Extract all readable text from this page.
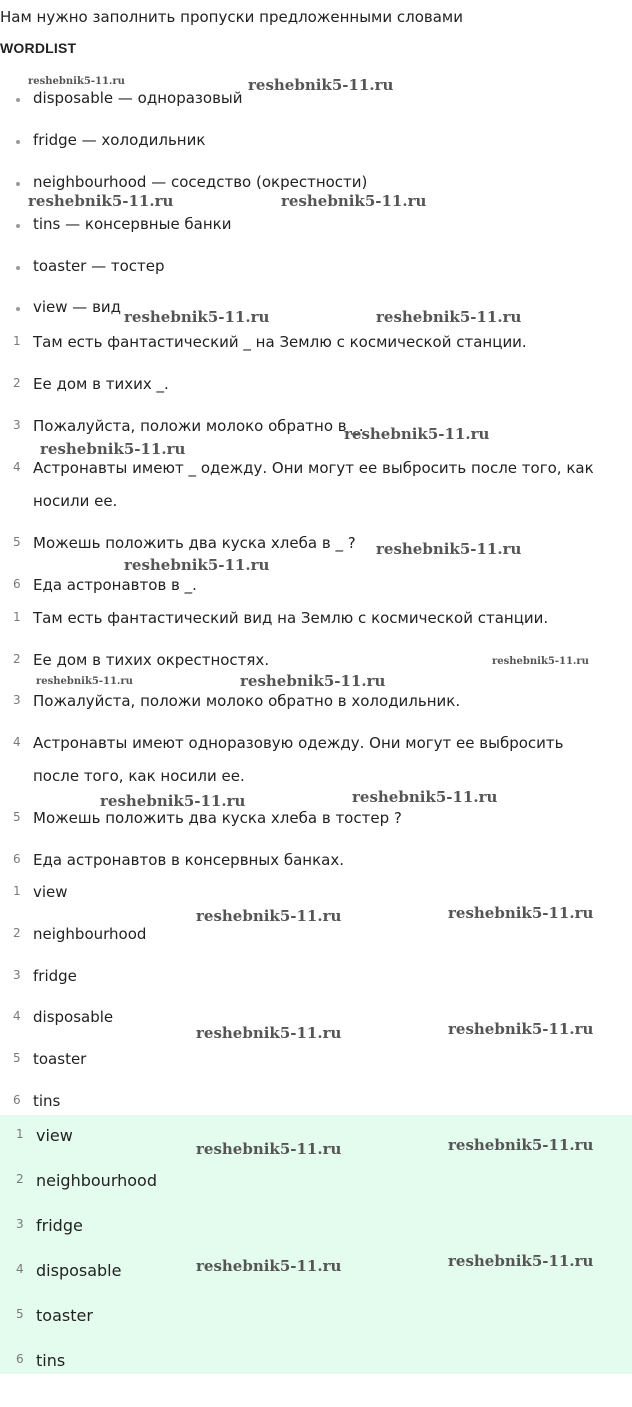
Нам нужно заполнить пропуски предложенными словами
WORDLIST
disposable — одноразовый
fridge — холодильник
neighbourhood — соседство (окрестности)
tins — консервные банки
toaster — тостер
view — вид
1 Там есть фантастический _ на Землю с космической станции.
2 Ее дом в тихих _.
3 Пожалуйста, положи молоко обратно в _.
4 Астронавты имеют _ одежду. Они могут ее выбросить после того, как носили ее.
5 Можешь положить два куска хлеба в _ ?
6 Еда астронавтов в _.
1 Там есть фантастический вид на Землю с космической станции.
2 Ее дом в тихих окрестностях.
3 Пожалуйста, положи молоко обратно в холодильник.
4 Астронавты имеют одноразовую одежду. Они могут ее выбросить после того, как носили ее.
5 Можешь положить два куска хлеба в тостер ?
6 Еда астронавтов в консервных банках.
1 view
2 neighbourhood
3 fridge
4 disposable
5 toaster
6 tins
1 view
2 neighbourhood
3 fridge
4 disposable
5 toaster
6 tins
reshebnik5-11.ru	reshebnik5-11.ru
reshebnik5-11.ru	reshebnik5-11.ru
reshebnik5-11.ru	reshebnik5-11.ru
reshebnik5-11.ru
reshebnik5-11.ru
reshebnik5-11.ru
reshebnik5-11.ru
reshebnik5-11.ru
reshebnik5-11.ru	reshebnik5-11.ru
reshebnik5-11.ru	reshebnik5-11.ru
reshebnik5-11.ru	reshebnik5-11.ru
reshebnik5-11.ru	reshebnik5-11.ru
reshebnik5-11.ru	reshebnik5-11.ru
reshebnik5-11.ru	reshebnik5-11.ru
